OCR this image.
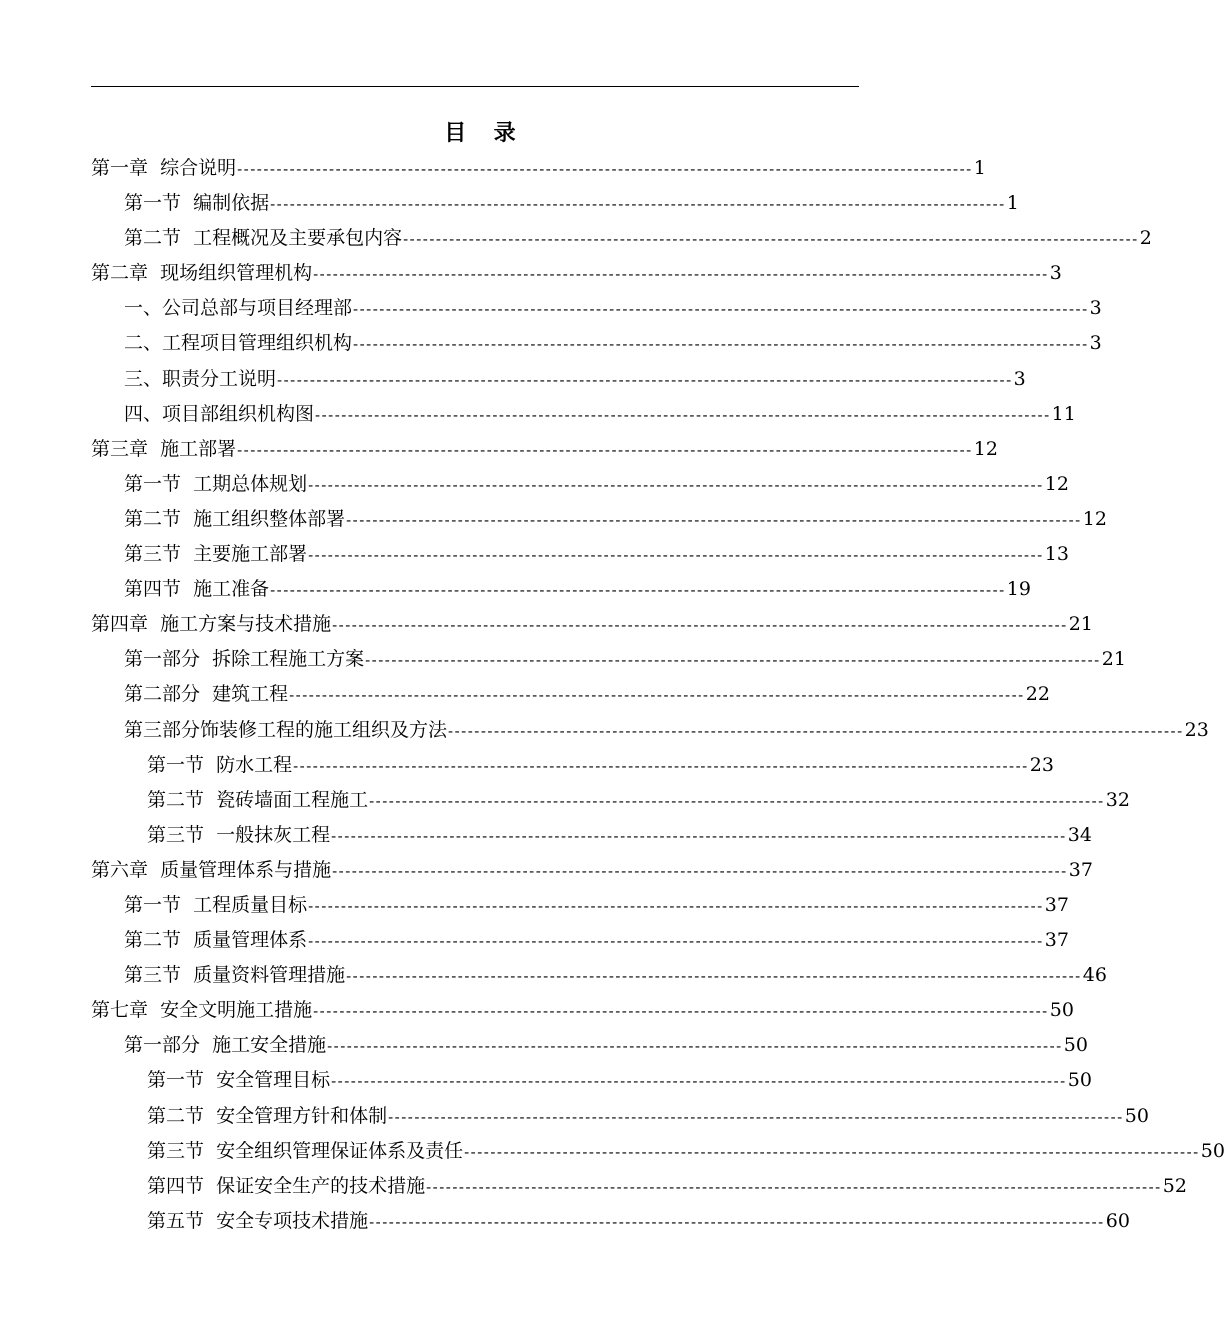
目 录
第一章  综合说明 ---------------------------------------------------------------------------------------------------------------- 1
第一节  编制依据 ---------------------------------------------------------------------------------------------------------------- 1
第二节  工程概况及主要承包内容 ---------------------------------------------------------------------------------------------------------------- 2
第二章  现场组织管理机构 ---------------------------------------------------------------------------------------------------------------- 3
一、公司总部与项目经理部 ---------------------------------------------------------------------------------------------------------------- 3
二、工程项目管理组织机构 ---------------------------------------------------------------------------------------------------------------- 3
三、职责分工说明 ---------------------------------------------------------------------------------------------------------------- 3
四、项目部组织机构图 ---------------------------------------------------------------------------------------------------------------- 11
第三章  施工部署 ---------------------------------------------------------------------------------------------------------------- 12
第一节  工期总体规划 ---------------------------------------------------------------------------------------------------------------- 12
第二节  施工组织整体部署 ---------------------------------------------------------------------------------------------------------------- 12
第三节  主要施工部署 ---------------------------------------------------------------------------------------------------------------- 13
第四节  施工准备 ---------------------------------------------------------------------------------------------------------------- 19
第四章  施工方案与技术措施 ---------------------------------------------------------------------------------------------------------------- 21
第一部分  拆除工程施工方案 ---------------------------------------------------------------------------------------------------------------- 21
第二部分  建筑工程 ---------------------------------------------------------------------------------------------------------------- 22
第三部分饰装修工程的施工组织及方法 ---------------------------------------------------------------------------------------------------------------- 23
第一节  防水工程 ---------------------------------------------------------------------------------------------------------------- 23
第二节  瓷砖墙面工程施工 ---------------------------------------------------------------------------------------------------------------- 32
第三节  一般抹灰工程 ---------------------------------------------------------------------------------------------------------------- 34
第六章  质量管理体系与措施 ---------------------------------------------------------------------------------------------------------------- 37
第一节  工程质量目标 ---------------------------------------------------------------------------------------------------------------- 37
第二节  质量管理体系 ---------------------------------------------------------------------------------------------------------------- 37
第三节  质量资料管理措施 ---------------------------------------------------------------------------------------------------------------- 46
第七章  安全文明施工措施 ---------------------------------------------------------------------------------------------------------------- 50
第一部分  施工安全措施 ---------------------------------------------------------------------------------------------------------------- 50
第一节  安全管理目标 ---------------------------------------------------------------------------------------------------------------- 50
第二节  安全管理方针和体制 ---------------------------------------------------------------------------------------------------------------- 50
第三节  安全组织管理保证体系及责任 ---------------------------------------------------------------------------------------------------------------- 50
第四节  保证安全生产的技术措施 ---------------------------------------------------------------------------------------------------------------- 52
第五节  安全专项技术措施 ---------------------------------------------------------------------------------------------------------------- 60
